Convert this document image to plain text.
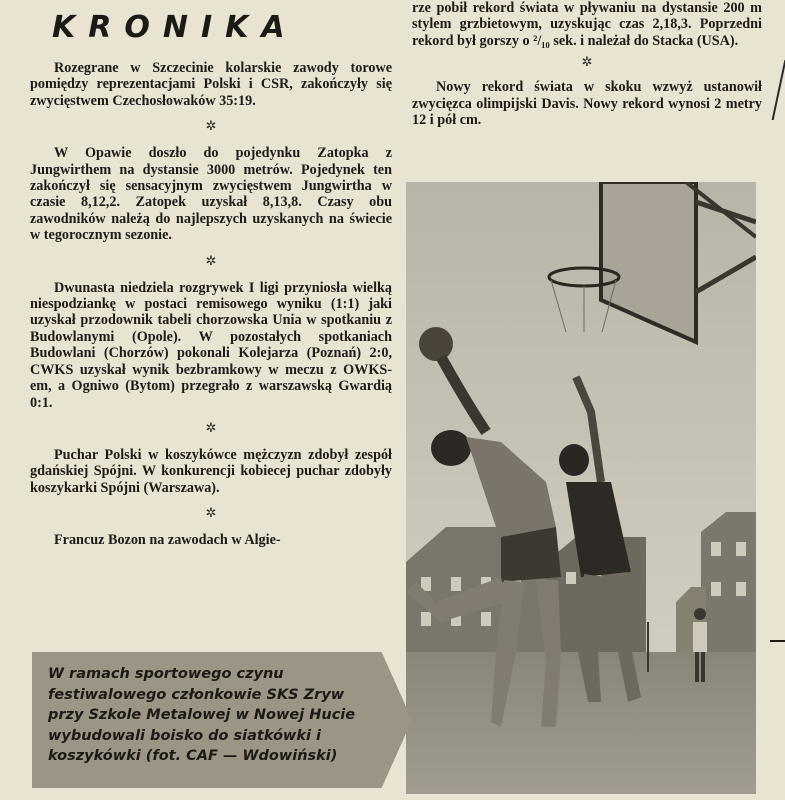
KRONIKA

Rozegrane w Szczecinie kolarskie zawody torowe pomiędzy reprezentacjami Polski i CSR, zakończyły się zwycięstwem Czechosłowaków 35:19.

✲

W Opawie doszło do pojedynku Zatopka z Jungwirthem na dystansie 3000 metrów. Pojedynek ten zakończył się sensacyjnym zwycięstwem Jungwirtha w czasie 8,12,2. Zatopek uzyskał 8,13,8. Czasy obu zawodników należą do najlepszych uzyskanych na świecie w tegorocznym sezonie.

✲

Dwunasta niedziela rozgrywek I ligi przyniosła wielką niespodziankę w postaci remisowego wyniku (1:1) jaki uzyskał przodownik tabeli chorzowska Unia w spotkaniu z Budowlanymi (Opole). W pozostałych spotkaniach Budowlani (Chorzów) pokonali Kolejarza (Poznań) 2:0, CWKS uzyskał wynik bezbramkowy w meczu z OWKS-em, a Ogniwo (Bytom) przegrało z warszawską Gwardią 0:1.

✲

Puchar Polski w koszykówce mężczyzn zdobył zespół gdańskiej Spójni. W konkurencji kobiecej puchar zdobyły koszykarki Spójni (Warszawa).

✲

Francuz Bozon na zawodach w Algie-

rze pobił rekord świata w pływaniu na dystansie 200 m stylem grzbietowym, uzyskując czas 2,18,3. Poprzedni rekord był gorszy o ²/₁₀ sek. i należał do Stacka (USA).

✲

Nowy rekord świata w skoku wzwyż ustanowił zwycięzca olimpijski Davis. Nowy rekord wynosi 2 metry 12 i pół cm.

W ramach sportowego czynu festiwalowego członkowie SKS Zryw przy Szkole Metalowej w Nowej Hucie wybudowali boisko do siatkówki i koszykówki (fot. CAF — Wdowiński)
